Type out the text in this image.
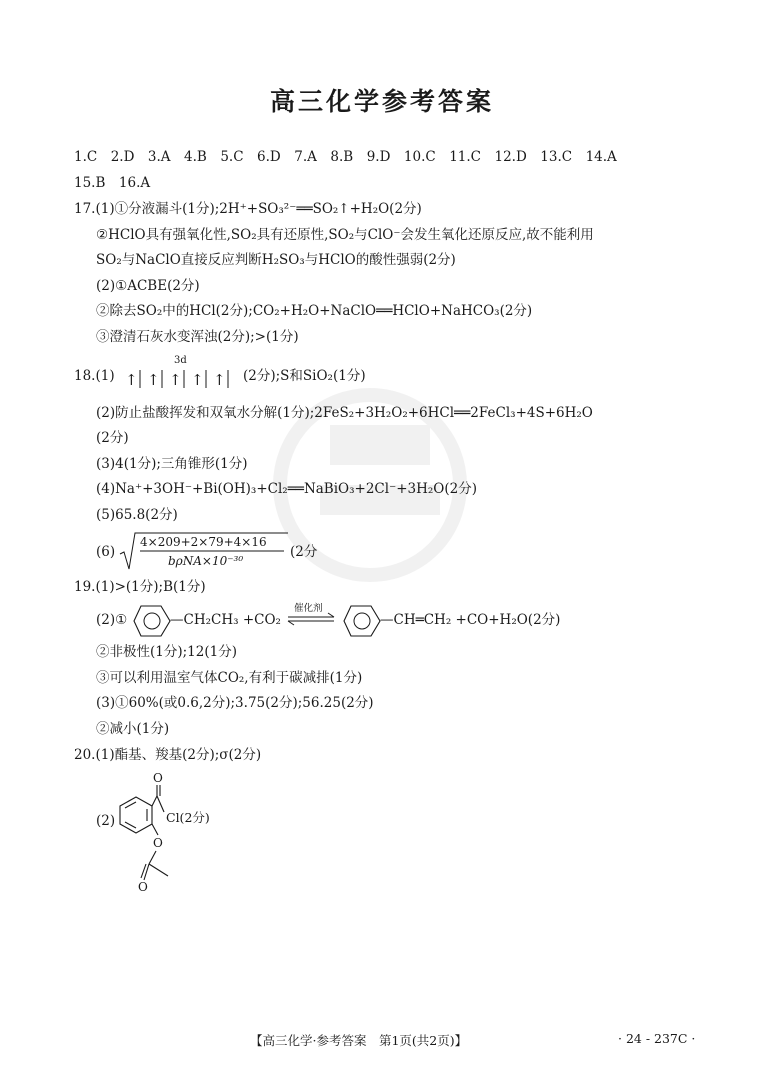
高三化学参考答案
1.C　2.D　3.A　4.B　5.C　6.D　7.A　8.B　9.D　10.C　11.C　12.D　13.C　14.A
15.B　16.A
17.(1)①分液漏斗(1分);2H⁺+SO₃²⁻══SO₂↑+H₂O(2分)
②HClO具有强氧化性,SO₂具有还原性,SO₂与ClO⁻会发生氧化还原反应,故不能利用
SO₂与NaClO直接反应判断H₂SO₃与HClO的酸性强弱(2分)
(2)①ACBE(2分)
②除去SO₂中的HCl(2分);CO₂+H₂O+NaClO══HClO+NaHCO₃(2分)
③澄清石灰水变浑浊(2分);>(1分)
18.(1)
3d
↑ ↑ ↑ ↑ ↑ (2分);S和SiO₂(1分)
(2)防止盐酸挥发和双氧水分解(1分);2FeS₂+3H₂O₂+6HCl══2FeCl₃+4S+6H₂O
(2分)
(3)4(1分);三角锥形(1分)
(4)Na⁺+3OH⁻+Bi(OH)₃+Cl₂══NaBiO₃+2Cl⁻+3H₂O(2分)
(5)65.8(2分)
(6)
4×209+2×79+4×16
bρNA×10⁻³⁰
(2分
19.(1)>(1分);B(1分)
(2)①	—CH₂CH₃ +CO₂
催化剂
—CH═CH₂ +CO+H₂O(2分)
②非极性(1分);12(1分)
③可以利用温室气体CO₂,有利于碳减排(1分)
(3)①60%(或0.6,2分);3.75(2分);56.25(2分)
②减小(1分)
20.(1)酯基、羧基(2分);σ(2分)
(2)
O
Cl(2分)
O
O
【高三化学·参考答案　第1页(共2页)】	· 24 - 237C ·
